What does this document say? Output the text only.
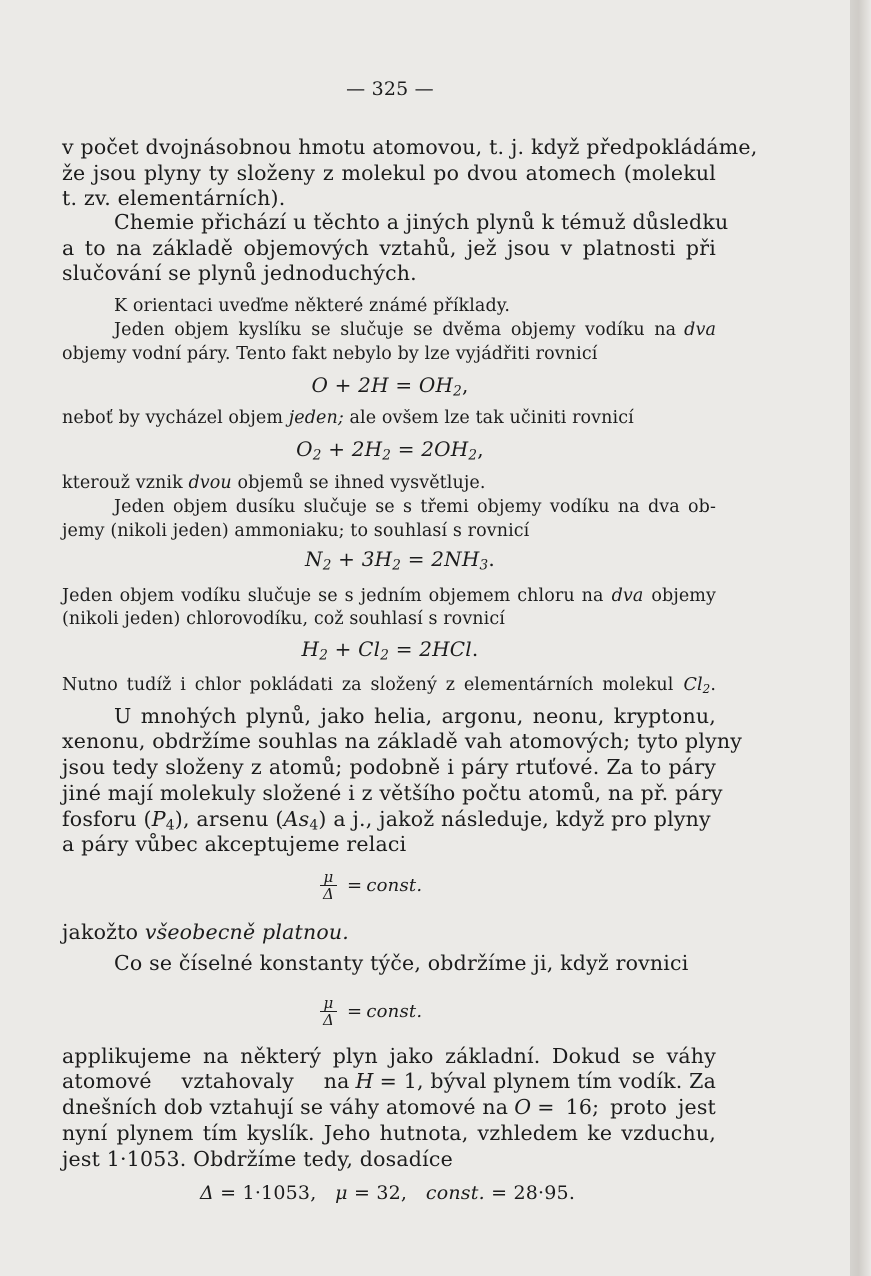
— 325 —
v počet dvojnásobnou hmotu atomovou, t. j. když předpokládáme,
že jsou plyny ty složeny z molekul po dvou atomech (molekul
t. zv. elementárních).
Chemie přichází u těchto a jiných plynů k témuž důsledku
a to na základě objemových vztahů, jež jsou v platnosti při
slučování se plynů jednoduchých.
K orientaci uveďme některé známé příklady.
Jeden objem kyslíku se slučuje se dvěma objemy vodíku na dva
objemy vodní páry. Tento fakt nebylo by lze vyjádřiti rovnicí
$O + 2H = OH_2$,
neboť by vycházel objem jeden; ale ovšem lze tak učiniti rovnicí
$O_2 + 2H_2 = 2OH_2$,
kterouž vznik dvou objemů se ihned vysvětluje.
Jeden objem dusíku slučuje se s třemi objemy vodíku na dva ob-
jemy (nikoli jeden) ammoniaku; to souhlasí s rovnicí
$N_2 + 3H_2 = 2NH_3$.
Jeden objem vodíku slučuje se s jedním objemem chloru na dva objemy
(nikoli jeden) chlorovodíku, což souhlasí s rovnicí
$H_2 + Cl_2 = 2HCl$.
Nutno tudíž i chlor pokládati za složený z elementárních molekul $Cl_2$ .
U mnohých plynů, jako helia, argonu, neonu, kryptonu,
xenonu, obdržíme souhlas na základě vah atomových; tyto plyny
jsou tedy složeny z atomů; podobně i páry rtuťové. Za to páry
jiné mají molekuly složené i z většího počtu atomů, na př. páry
fosforu $(P_4)$, arsenu $(As_4)$ a j., jakož následuje, když pro plyny
a páry vůbec akceptujeme relaci
$\frac{\mu}{\Delta}$ = const.
jakožto všeobecně platnou.
Co se číselné konstanty týče, obdržíme ji, když rovnici
$\frac{\mu}{\Delta}$ = const.
applikujeme na některý plyn jako základní. Dokud se váhy
atomové vztahovaly na H = 1, býval plynem tím vodík. Za
dnešních dob vztahují se váhy atomové na O = 16; proto jest
nyní plynem tím kyslík. Jeho hutnota, vzhledem ke vzduchu,
jest 1·1053. Obdržíme tedy, dosadíce
Δ = 1·1053, μ = 32, const. = 28·95.
